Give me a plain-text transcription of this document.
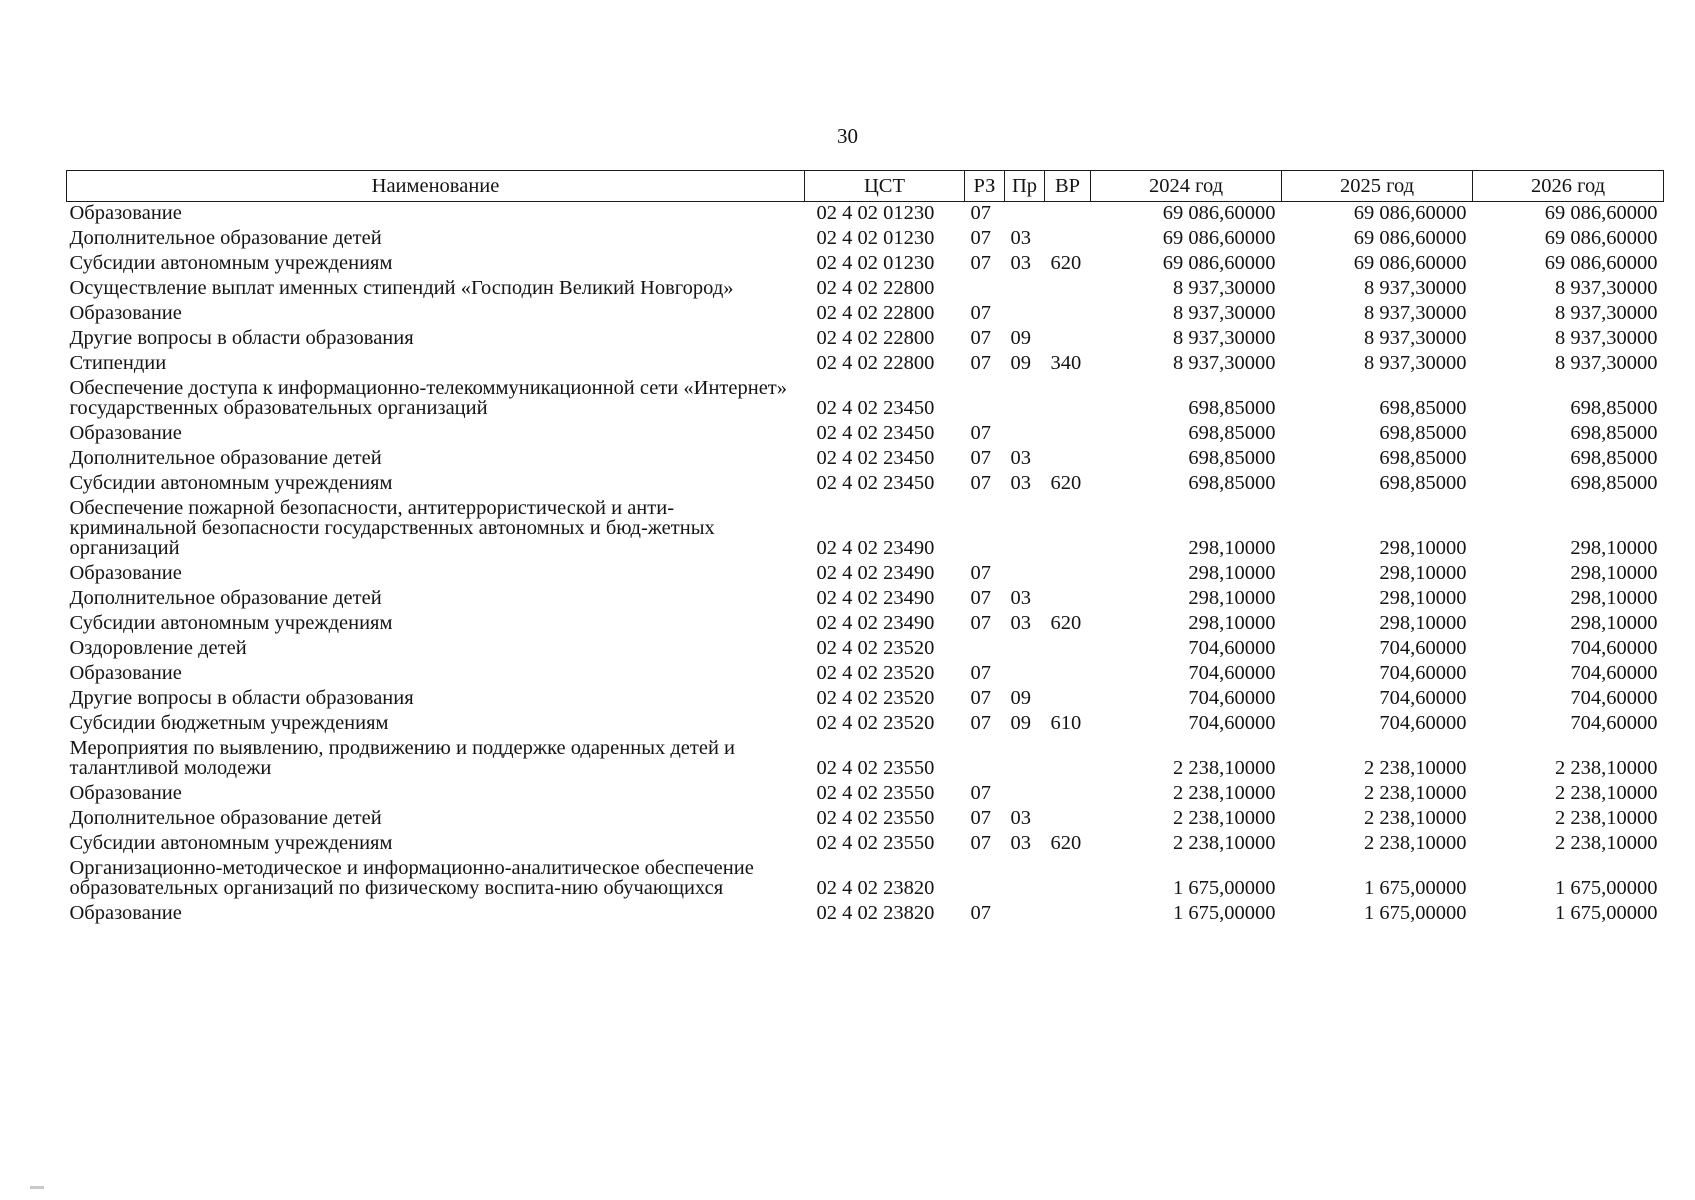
30
Наименование	ЦСТ	РЗ	Пр	ВР	2024 год	2025 год	2026 год
Образование	02 4 02 01230	07			69 086,60000	69 086,60000	69 086,60000
Дополнительное образование детей	02 4 02 01230	07	03		69 086,60000	69 086,60000	69 086,60000
Субсидии автономным учреждениям	02 4 02 01230	07	03	620	69 086,60000	69 086,60000	69 086,60000
Осуществление выплат именных стипендий «Господин Великий Новгород»	02 4 02 22800				8 937,30000	8 937,30000	8 937,30000
Образование	02 4 02 22800	07			8 937,30000	8 937,30000	8 937,30000
Другие вопросы в области образования	02 4 02 22800	07	09		8 937,30000	8 937,30000	8 937,30000
Стипендии	02 4 02 22800	07	09	340	8 937,30000	8 937,30000	8 937,30000
Обеспечение доступа к информационно-телекоммуникационной сети «Интернет» государственных образовательных организаций	02 4 02 23450				698,85000	698,85000	698,85000
Образование	02 4 02 23450	07			698,85000	698,85000	698,85000
Дополнительное образование детей	02 4 02 23450	07	03		698,85000	698,85000	698,85000
Субсидии автономным учреждениям	02 4 02 23450	07	03	620	698,85000	698,85000	698,85000
Обеспечение пожарной безопасности, антитеррористической и анти-криминальной безопасности государственных автономных и бюд-жетных организаций	02 4 02 23490				298,10000	298,10000	298,10000
Образование	02 4 02 23490	07			298,10000	298,10000	298,10000
Дополнительное образование детей	02 4 02 23490	07	03		298,10000	298,10000	298,10000
Субсидии автономным учреждениям	02 4 02 23490	07	03	620	298,10000	298,10000	298,10000
Оздоровление детей	02 4 02 23520				704,60000	704,60000	704,60000
Образование	02 4 02 23520	07			704,60000	704,60000	704,60000
Другие вопросы в области образования	02 4 02 23520	07	09		704,60000	704,60000	704,60000
Субсидии бюджетным учреждениям	02 4 02 23520	07	09	610	704,60000	704,60000	704,60000
Мероприятия по выявлению, продвижению и поддержке одаренных детей и талантливой молодежи	02 4 02 23550				2 238,10000	2 238,10000	2 238,10000
Образование	02 4 02 23550	07			2 238,10000	2 238,10000	2 238,10000
Дополнительное образование детей	02 4 02 23550	07	03		2 238,10000	2 238,10000	2 238,10000
Субсидии автономным учреждениям	02 4 02 23550	07	03	620	2 238,10000	2 238,10000	2 238,10000
Организационно-методическое и информационно-аналитическое обеспечение образовательных организаций по физическому воспита-нию обучающихся	02 4 02 23820				1 675,00000	1 675,00000	1 675,00000
Образование	02 4 02 23820	07			1 675,00000	1 675,00000	1 675,00000
